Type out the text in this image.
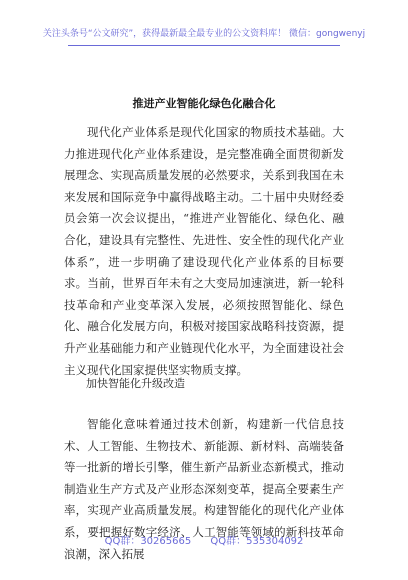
关注头条号“公文研究”，获得最新最全最专业的公文资料库！ 微信：gongwenyj
推进产业智能化绿色化融合化

现代化产业体系是现代化国家的物质技术基础。大力推进现代化产业体系建设，是完整准确全面贯彻新发展理念、实现高质量发展的必然要求，关系到我国在未来发展和国际竞争中赢得战略主动。二十届中央财经委员会第一次会议提出，“推进产业智能化、绿色化、融合化，建设具有完整性、先进性、安全性的现代化产业体系”，进一步明确了建设现代化产业体系的目标要求。当前，世界百年未有之大变局加速演进，新一轮科技革命和产业变革深入发展，必须按照智能化、绿色化、融合化发展方向，积极对接国家战略科技资源，提升产业基础能力和产业链现代化水平，为全面建设社会主义现代化国家提供坚实物质支撑。

加快智能化升级改造

智能化意味着通过技术创新，构建新一代信息技术、人工智能、生物技术、新能源、新材料、高端装备等一批新的增长引擎，催生新产品新业态新模式，推动制造业生产方式及产业形态深刻变革，提高全要素生产率，实现产业高质量发展。构建智能化的现代化产业体系，要把握好数字经济、人工智能等领域的新科技革命浪潮，深入拓展

QQ群：30265665 QQ群：535304092
